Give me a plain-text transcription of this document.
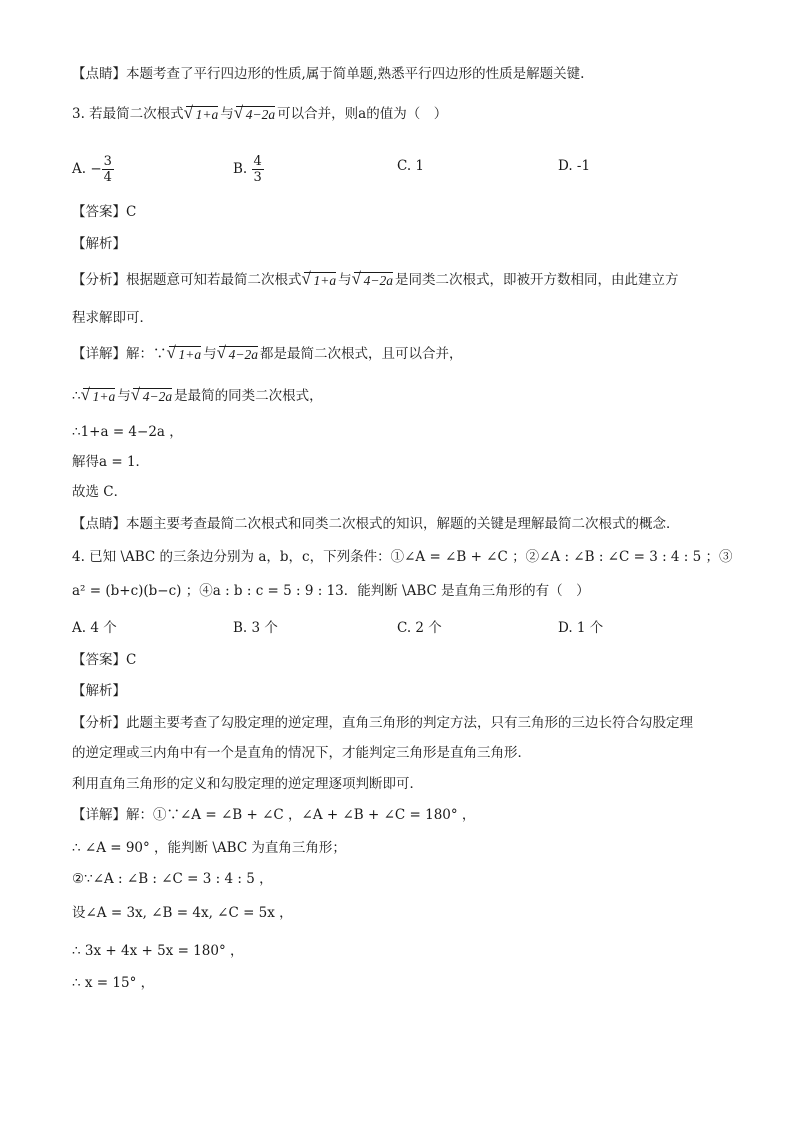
【点睛】本题考查了平行四边形的性质,属于简单题,熟悉平行四边形的性质是解题关键.
3. 若最简二次根式 √ 1+a 与 √ 4−2a 可以合并，则a的值为（　）
A. − $\frac{3}{4}$	B. $\frac{4}{3}$	C. 1	D. -1
【答案】C
【解析】
【分析】根据题意可知若最简二次根式 √ 1+a 与 √ 4−2a 是同类二次根式，即被开方数相同，由此建立方
程求解即可．
【详解】解：∵ √ 1+a 与 √ 4−2a 都是最简二次根式，且可以合并，
∴ √ 1+a 与 √ 4−2a 是最简的同类二次根式，
∴1+a = 4−2a ，
解得a = 1．
故选 C．
【点睛】本题主要考查最简二次根式和同类二次根式的知识，解题的关键是理解最简二次根式的概念．
4. 已知 \ABC 的三条边分别为 a，b，c，下列条件：①∠A = ∠B + ∠C ；②∠A : ∠B : ∠C = 3 : 4 : 5 ；③
a² = (b+c)(b−c) ；④a : b : c = 5 : 9 : 13．能判断 \ABC 是直角三角形的有（　）
A. 4 个	B. 3 个	C. 2 个	D. 1 个
【答案】C
【解析】
【分析】此题主要考查了勾股定理的逆定理，直角三角形的判定方法，只有三角形的三边长符合勾股定理
的逆定理或三内角中有一个是直角的情况下，才能判定三角形是直角三角形．
利用直角三角形的定义和勾股定理的逆定理逐项判断即可．
【详解】解：①∵∠A = ∠B + ∠C ，∠A + ∠B + ∠C = 180° ，
∴ ∠A = 90° ，能判断 \ABC 为直角三角形；
②∵∠A : ∠B : ∠C = 3 : 4 : 5 ，
设∠A = 3x, ∠B = 4x, ∠C = 5x ，
∴ 3x + 4x + 5x = 180° ，
∴ x = 15° ，
